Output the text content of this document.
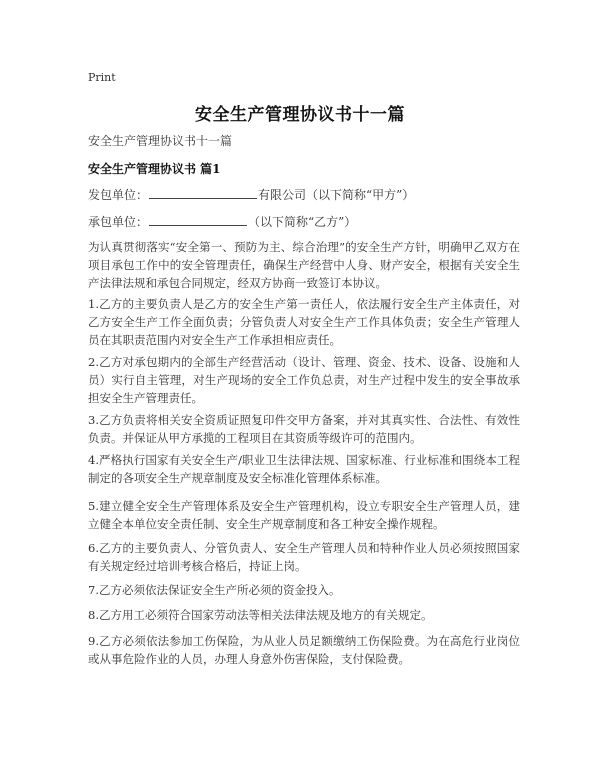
Print
安全生产管理协议书十一篇
安全生产管理协议书十一篇
安全生产管理协议书 篇1
发包单位：	有限公司（以下简称“甲方”）
承包单位：	（以下简称“乙方”）

为认真贯彻落实“安全第一、预防为主、综合治理”的安全生产方针，明确甲乙双方在项目承包工作中的安全管理责任，确保生产经营中人身、财产安全，根据有关安全生产法律法规和承包合同规定，经双方协商一致签订本协议。

1.乙方的主要负责人是乙方的安全生产第一责任人，依法履行安全生产主体责任，对乙方安全生产工作全面负责；分管负责人对安全生产工作具体负责；安全生产管理人员在其职责范围内对安全生产工作承担相应责任。

2.乙方对承包期内的全部生产经营活动（设计、管理、资金、技术、设备、设施和人员）实行自主管理，对生产现场的安全工作负总责，对生产过程中发生的安全事故承担安全生产管理责任。

3.乙方负责将相关安全资质证照复印件交甲方备案，并对其真实性、合法性、有效性负责。并保证从甲方承揽的工程项目在其资质等级许可的范围内。

4.严格执行国家有关安全生产/职业卫生法律法规、国家标准、行业标准和围绕本工程制定的各项安全生产规章制度及安全标准化管理体系标准。

5.建立健全安全生产管理体系及安全生产管理机构，设立专职安全生产管理人员，建立健全本单位安全责任制、安全生产规章制度和各工种安全操作规程。

6.乙方的主要负责人、分管负责人、安全生产管理人员和特种作业人员必须按照国家有关规定经过培训考核合格后，持证上岗。

7.乙方必须依法保证安全生产所必须的资金投入。

8.乙方用工必须符合国家劳动法等相关法律法规及地方的有关规定。

9.乙方必须依法参加工伤保险，为从业人员足额缴纳工伤保险费。为在高危行业岗位或从事危险作业的人员，办理人身意外伤害保险，支付保险费。
